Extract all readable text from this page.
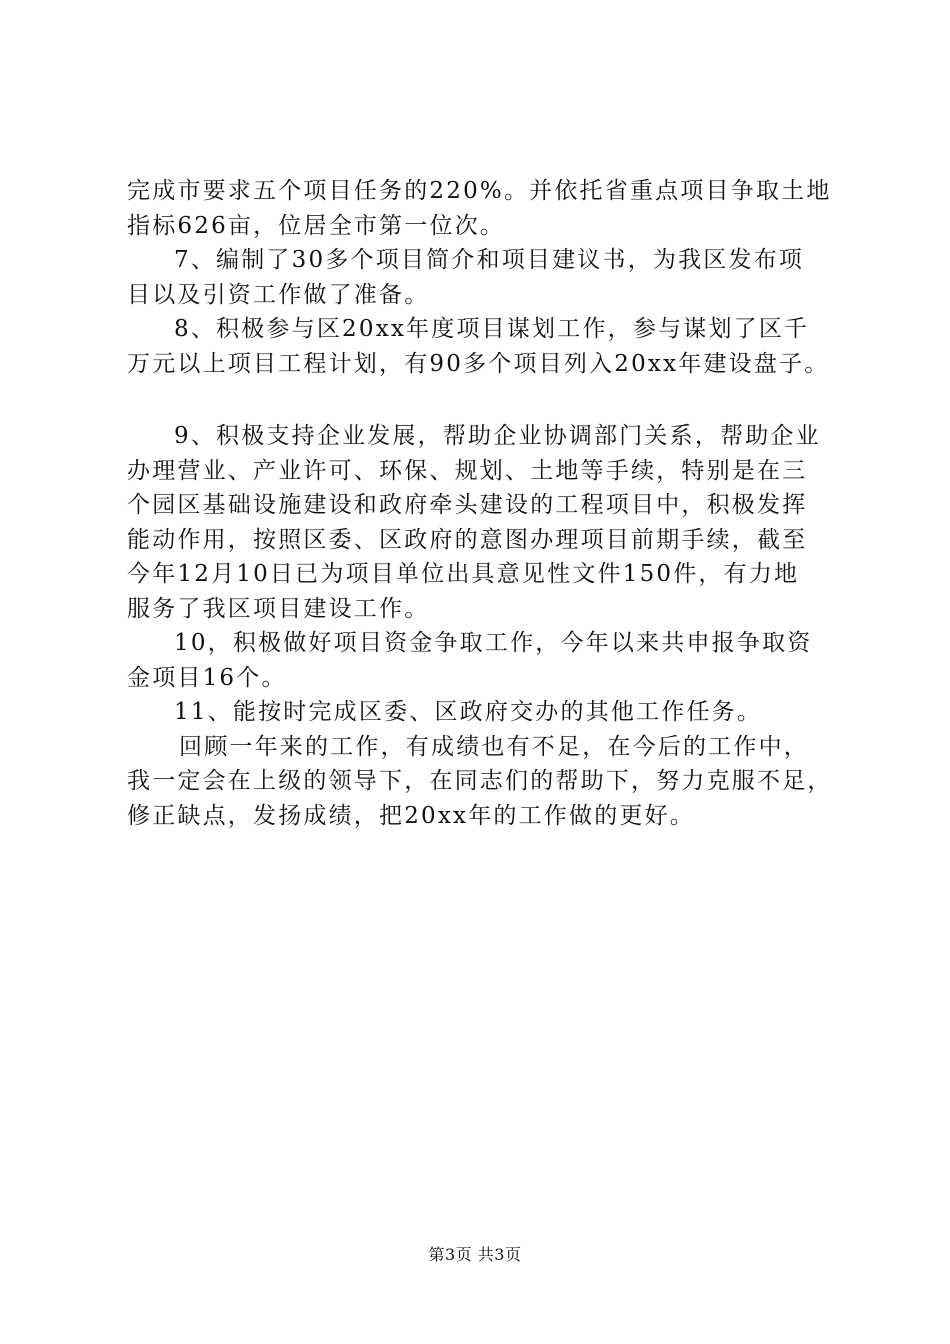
完成市要求五个项目任务的220%。并依托省重点项目争取土地
指标626亩，位居全市第一位次。
7、编制了30多个项目简介和项目建议书，为我区发布项
目以及引资工作做了准备。
8、积极参与区20xx年度项目谋划工作，参与谋划了区千
万元以上项目工程计划，有90多个项目列入20xx年建设盘子。
9、积极支持企业发展，帮助企业协调部门关系，帮助企业
办理营业、产业许可、环保、规划、土地等手续，特别是在三
个园区基础设施建设和政府牵头建设的工程项目中，积极发挥
能动作用，按照区委、区政府的意图办理项目前期手续，截至
今年12月10日已为项目单位出具意见性文件150件，有力地
服务了我区项目建设工作。
10，积极做好项目资金争取工作，今年以来共申报争取资
金项目16个。
11、能按时完成区委、区政府交办的其他工作任务。
回顾一年来的工作，有成绩也有不足，在今后的工作中，
我一定会在上级的领导下，在同志们的帮助下，努力克服不足，
修正缺点，发扬成绩，把20xx年的工作做的更好。
第3页 共3页
